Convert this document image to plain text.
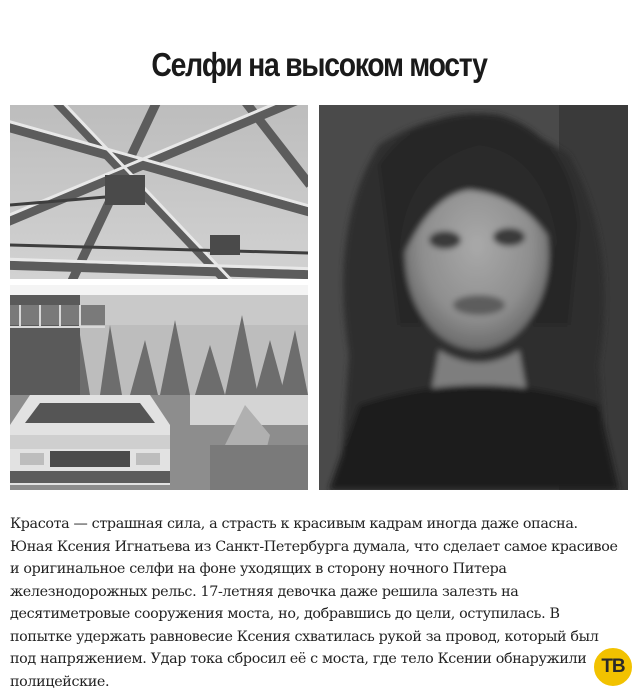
Селфи на высоком мосту

Красота — страшная сила, а страсть к красивым кадрам иногда даже опасна. Юная Ксения Игнатьева из Санкт-Петербурга думала, что сделает самое красивое и оригинальное селфи на фоне уходящих в сторону ночного Питера железнодорожных рельс. 17-летняя девочка даже решила залезть на десятиметровые сооружения моста, но, добравшись до цели, оступилась. В попытке удержать равновесие Ксения схватилась рукой за провод, который был под напряжением. Удар тока сбросил её с моста, где тело Ксении обнаружили полицейские.

ТВ
